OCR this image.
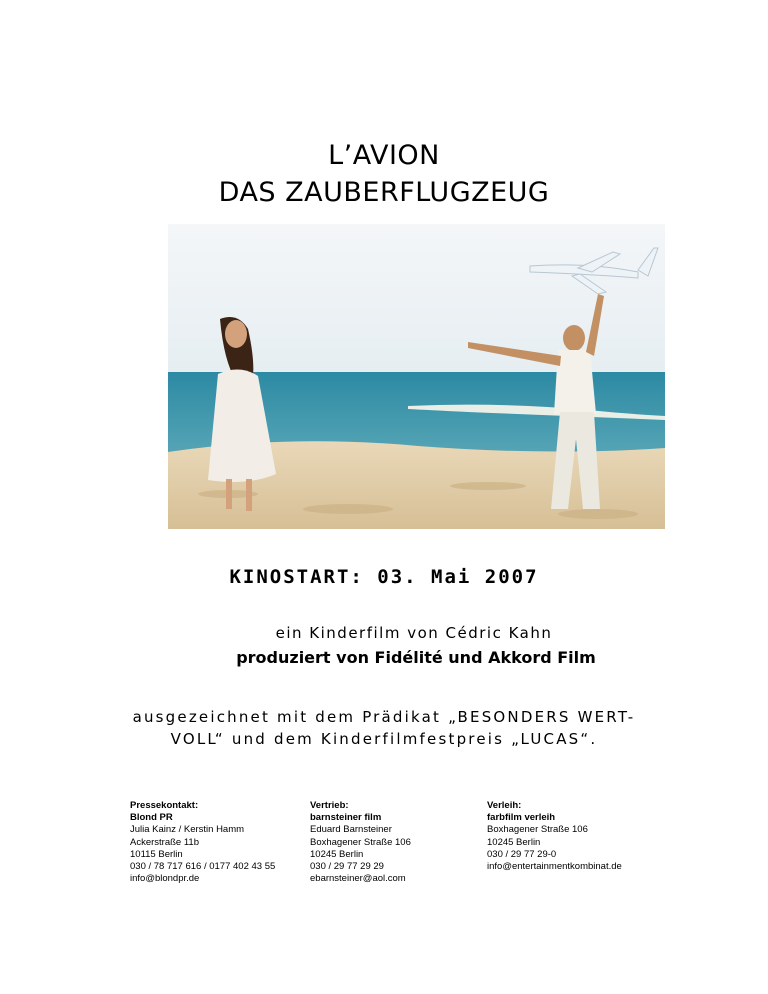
L’AVION
DAS ZAUBERFLUGZEUG
KINOSTART: 03. Mai 2007
ein Kinderfilm von Cédric Kahn
produziert von Fidélité und Akkord Film
ausgezeichnet mit dem Prädikat „BESONDERS WERT-
VOLL“ und dem Kinderfilmfestpreis „LUCAS“.
Pressekontakt:
Blond PR
Julia Kainz / Kerstin Hamm
Ackerstraße 11b
10115 Berlin
030 / 78 717 616 / 0177 402 43 55
info@blondpr.de
Vertrieb:
barnsteiner film
Eduard Barnsteiner
Boxhagener Straße 106
10245 Berlin
030 / 29 77 29 29
ebarnsteiner@aol.com
Verleih:
farbfilm verleih
Boxhagener Straße 106
10245 Berlin
030 / 29 77 29-0
info@entertainmentkombinat.de
